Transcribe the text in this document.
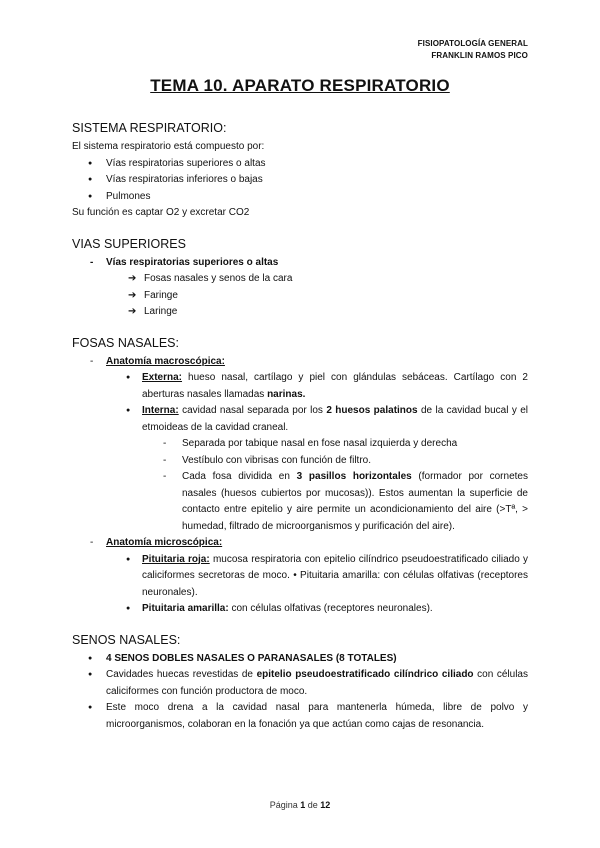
FISIOPATOLOGÍA GENERAL
FRANKLIN RAMOS PICO
TEMA 10. APARATO RESPIRATORIO
SISTEMA RESPIRATORIO:
El sistema respiratorio está compuesto por:
● Vías respiratorias superiores o altas
● Vías respiratorias inferiores o bajas
● Pulmones
Su función es captar O2 y excretar CO2
VIAS SUPERIORES
- Vías respiratorias superiores o altas
➔ Fosas nasales y senos de la cara
➔ Faringe
➔ Laringe
FOSAS NASALES:
- Anatomía macroscópica:
● Externa: hueso nasal, cartílago y piel con glándulas sebáceas. Cartílago con 2 aberturas nasales llamadas narinas.
● Interna: cavidad nasal separada por los 2 huesos palatinos de la cavidad bucal y el etmoideas de la cavidad craneal.
- Separada por tabique nasal en fose nasal izquierda y derecha
- Vestíbulo con vibrisas con función de filtro.
- Cada fosa dividida en 3 pasillos horizontales (formador por cornetes nasales (huesos cubiertos por mucosas)). Estos aumentan la superficie de contacto entre epitelio y aire permite un acondicionamiento del aire (>Tª, > humedad, filtrado de microorganismos y purificación del aire).
- Anatomía microscópica:
● Pituitaria roja: mucosa respiratoria con epitelio cilíndrico pseudoestratificado ciliado y caliciformes secretoras de moco. • Pituitaria amarilla: con células olfativas (receptores neuronales).
● Pituitaria amarilla: con células olfativas (receptores neuronales).
SENOS NASALES:
● 4 SENOS DOBLES NASALES O PARANASALES (8 TOTALES)
● Cavidades huecas revestidas de epitelio pseudoestratificado cilíndrico ciliado con células caliciformes con función productora de moco.
● Este moco drena a la cavidad nasal para mantenerla húmeda, libre de polvo y microorganismos, colaboran en la fonación ya que actúan como cajas de resonancia.
Página 1 de 12
